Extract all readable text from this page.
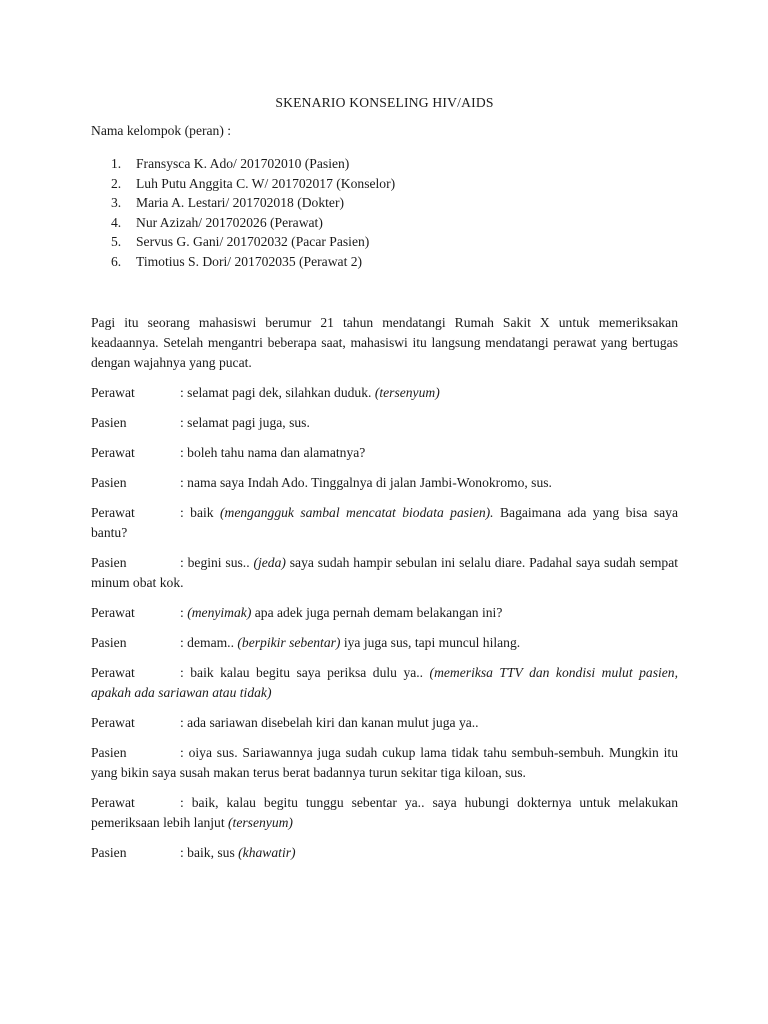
SKENARIO KONSELING HIV/AIDS
Nama kelompok (peran) :
1.	Fransysca K. Ado/ 201702010 (Pasien)
2.	Luh Putu Anggita C. W/ 201702017 (Konselor)
3.	Maria A. Lestari/ 201702018 (Dokter)
4.	Nur Azizah/ 201702026 (Perawat)
5.	Servus G. Gani/ 201702032 (Pacar Pasien)
6.	Timotius S. Dori/ 201702035 (Perawat 2)

Pagi itu seorang mahasiswi berumur 21 tahun mendatangi Rumah Sakit X untuk memeriksakan keadaannya. Setelah mengantri beberapa saat, mahasiswi itu langsung mendatangi perawat yang bertugas dengan wajahnya yang pucat.

Perawat	: selamat pagi dek, silahkan duduk. (tersenyum)

Pasien	: selamat pagi juga, sus.

Perawat	: boleh tahu nama dan alamatnya?

Pasien	: nama saya Indah Ado. Tinggalnya di jalan Jambi-Wonokromo, sus.

Perawat	: baik (mengangguk sambal mencatat biodata pasien). Bagaimana ada yang bisa saya bantu?

Pasien	: begini sus.. (jeda) saya sudah hampir sebulan ini selalu diare. Padahal saya sudah sempat minum obat kok.

Perawat	: (menyimak) apa adek juga pernah demam belakangan ini?

Pasien	: demam.. (berpikir sebentar) iya juga sus, tapi muncul hilang.

Perawat	: baik kalau begitu saya periksa dulu ya.. (memeriksa TTV dan kondisi mulut pasien, apakah ada sariawan atau tidak)

Perawat	: ada sariawan disebelah kiri dan kanan mulut juga ya..

Pasien	: oiya sus. Sariawannya juga sudah cukup lama tidak tahu sembuh-sembuh. Mungkin itu yang bikin saya susah makan terus berat badannya turun sekitar tiga kiloan, sus.

Perawat	: baik, kalau begitu tunggu sebentar ya.. saya hubungi dokternya untuk melakukan pemeriksaan lebih lanjut (tersenyum)

Pasien	: baik, sus (khawatir)
